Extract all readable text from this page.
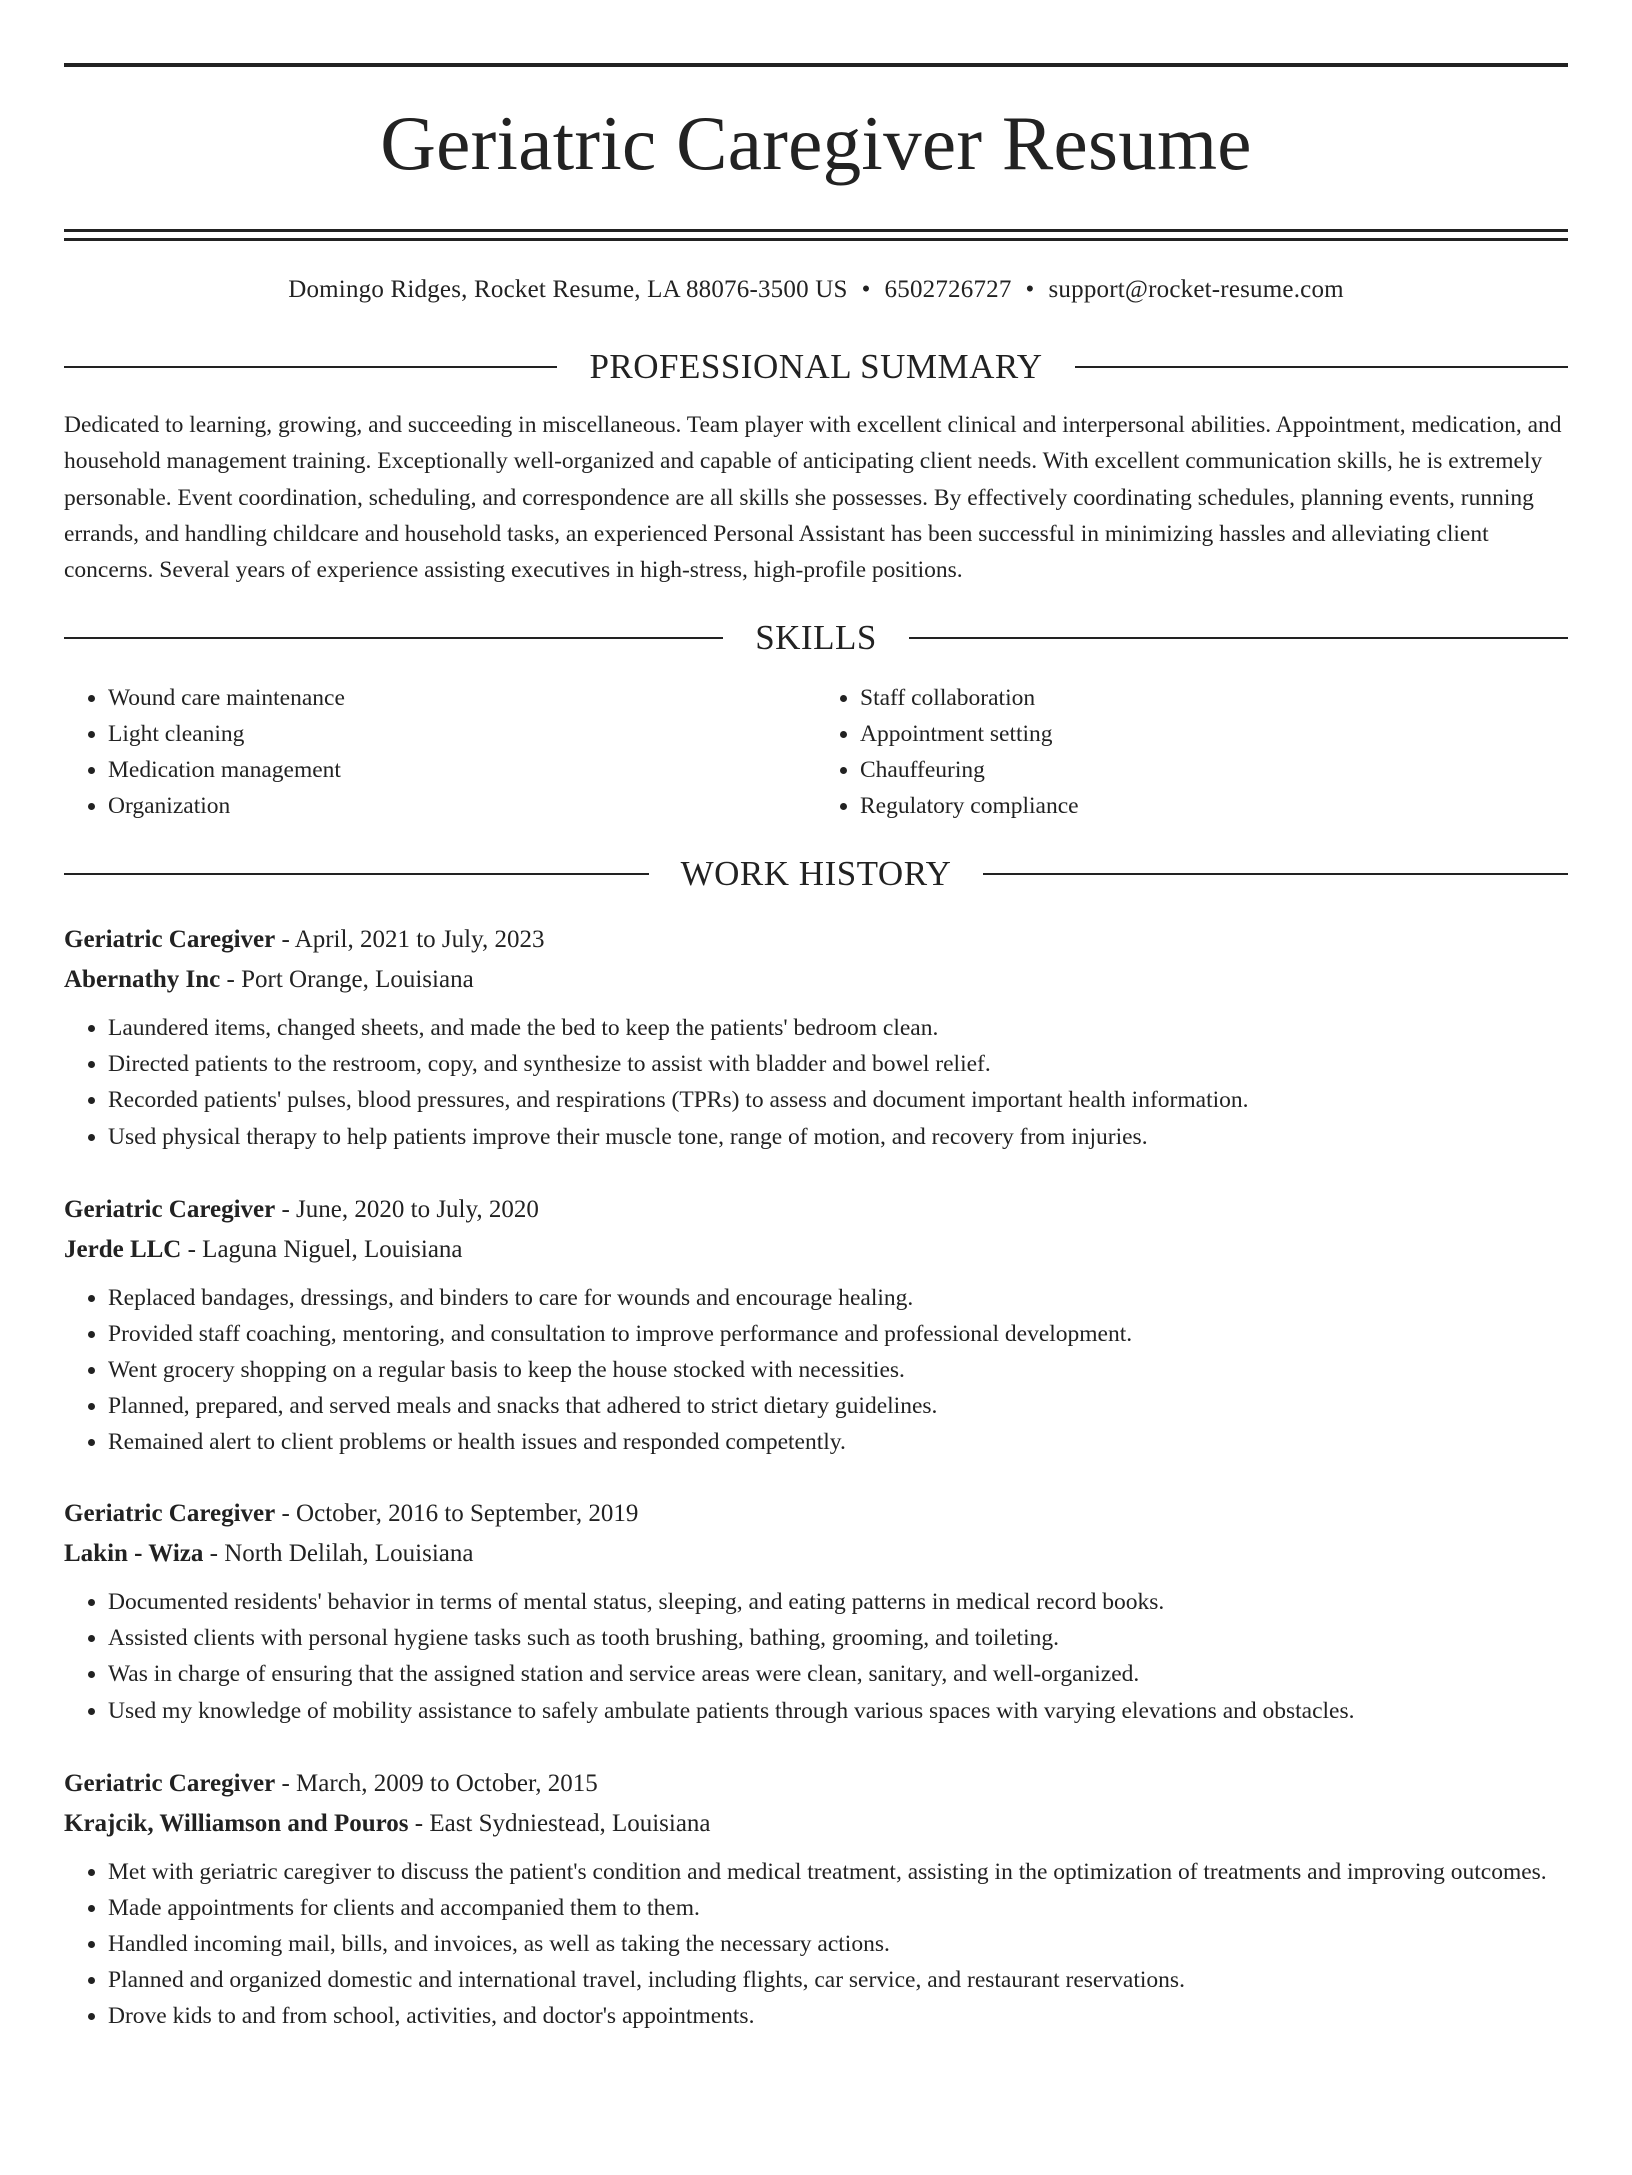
Geriatric Caregiver Resume
Domingo Ridges, Rocket Resume, LA 88076-3500 US • 6502726727 • support@rocket-resume.com
PROFESSIONAL SUMMARY

Dedicated to learning, growing, and succeeding in miscellaneous. Team player with excellent clinical and interpersonal abilities. Appointment, medication, and household management training. Exceptionally well-organized and capable of anticipating client needs. With excellent communication skills, he is extremely personable. Event coordination, scheduling, and correspondence are all skills she possesses. By effectively coordinating schedules, planning events, running errands, and handling childcare and household tasks, an experienced Personal Assistant has been successful in minimizing hassles and alleviating client concerns. Several years of experience assisting executives in high-stress, high-profile positions.

SKILLS
• Wound care maintenance
• Light cleaning
• Medication management
• Organization
• Staff collaboration
• Appointment setting
• Chauffeuring
• Regulatory compliance
WORK HISTORY
Geriatric Caregiver - April, 2021 to July, 2023
Abernathy Inc - Port Orange, Louisiana
• Laundered items, changed sheets, and made the bed to keep the patients' bedroom clean.
• Directed patients to the restroom, copy, and synthesize to assist with bladder and bowel relief.
• Recorded patients' pulses, blood pressures, and respirations (TPRs) to assess and document important health information.
• Used physical therapy to help patients improve their muscle tone, range of motion, and recovery from injuries.
Geriatric Caregiver - June, 2020 to July, 2020
Jerde LLC - Laguna Niguel, Louisiana
• Replaced bandages, dressings, and binders to care for wounds and encourage healing.
• Provided staff coaching, mentoring, and consultation to improve performance and professional development.
• Went grocery shopping on a regular basis to keep the house stocked with necessities.
• Planned, prepared, and served meals and snacks that adhered to strict dietary guidelines.
• Remained alert to client problems or health issues and responded competently.
Geriatric Caregiver - October, 2016 to September, 2019
Lakin - Wiza - North Delilah, Louisiana
• Documented residents' behavior in terms of mental status, sleeping, and eating patterns in medical record books.
• Assisted clients with personal hygiene tasks such as tooth brushing, bathing, grooming, and toileting.
• Was in charge of ensuring that the assigned station and service areas were clean, sanitary, and well-organized.
• Used my knowledge of mobility assistance to safely ambulate patients through various spaces with varying elevations and obstacles.
Geriatric Caregiver - March, 2009 to October, 2015
Krajcik, Williamson and Pouros - East Sydniestead, Louisiana
• Met with geriatric caregiver to discuss the patient's condition and medical treatment, assisting in the optimization of treatments and improving outcomes.
• Made appointments for clients and accompanied them to them.
• Handled incoming mail, bills, and invoices, as well as taking the necessary actions.
• Planned and organized domestic and international travel, including flights, car service, and restaurant reservations.
• Drove kids to and from school, activities, and doctor's appointments.
